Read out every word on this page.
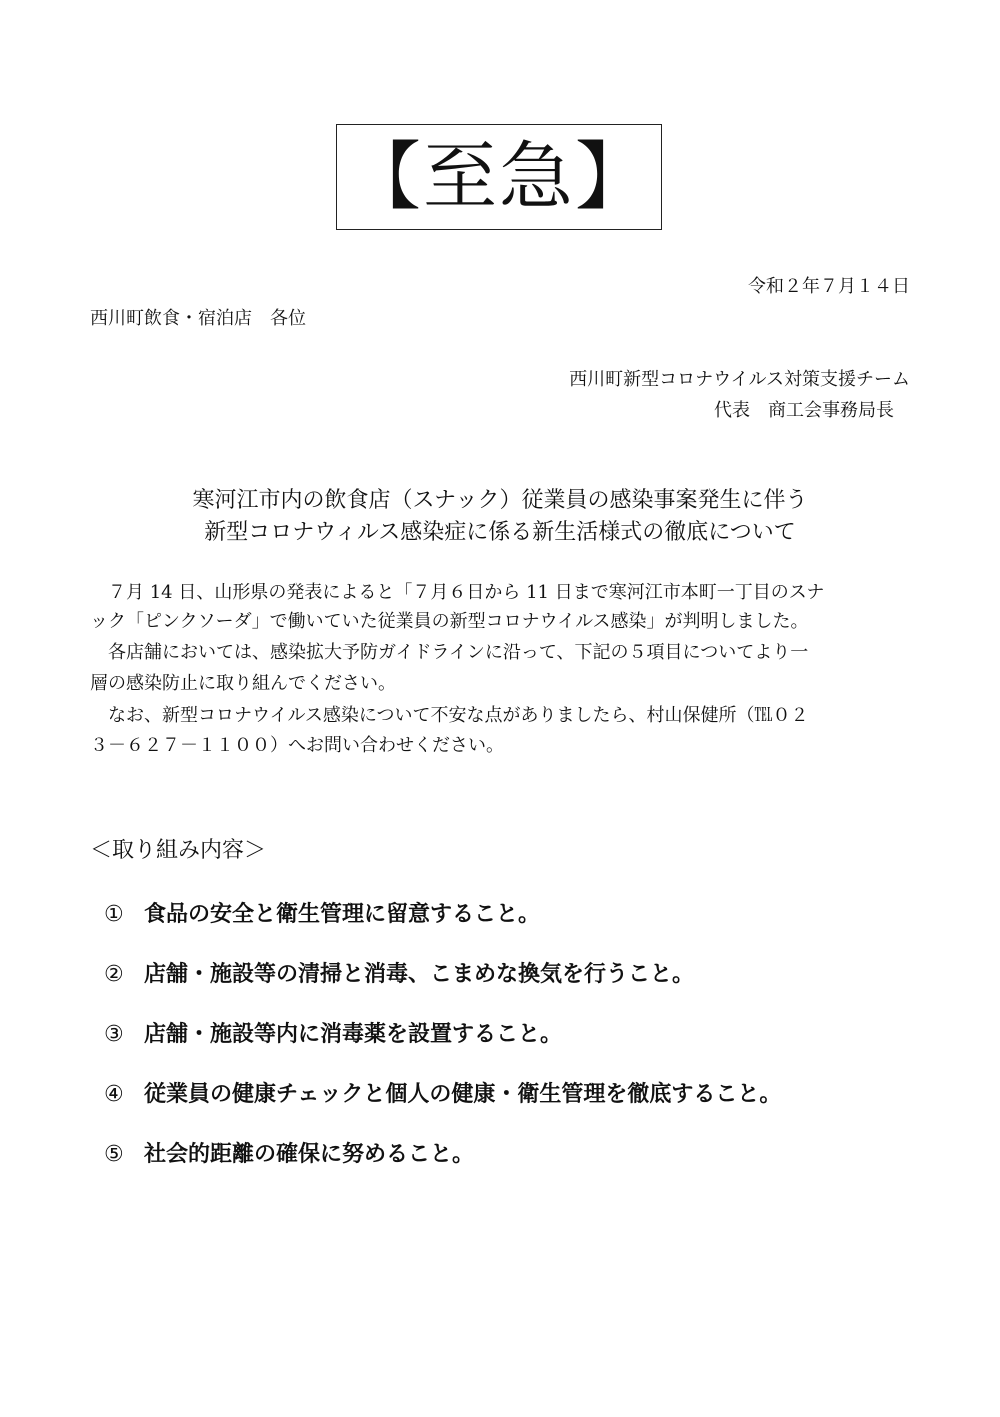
【至急】
令和２年７月１４日
西川町飲食・宿泊店　各位
西川町新型コロナウイルス対策支援チーム
代表　商工会事務局長
寒河江市内の飲食店（スナック）従業員の感染事案発生に伴う
新型コロナウィルス感染症に係る新生活様式の徹底について
　７月 14 日、山形県の発表によると「７月６日から 11 日まで寒河江市本町一丁目のスナ
ック「ピンクソーダ」で働いていた従業員の新型コロナウイルス感染」が判明しました。
　各店舗においては、感染拡大予防ガイドラインに沿って、下記の５項目についてより一
層の感染防止に取り組んでください。
　なお、新型コロナウイルス感染について不安な点がありましたら、村山保健所（℡０２
３－６２７－１１００）へお問い合わせください。
＜取り組み内容＞
① 食品の安全と衛生管理に留意すること。
② 店舗・施設等の清掃と消毒、こまめな換気を行うこと。
③ 店舗・施設等内に消毒薬を設置すること。
④ 従業員の健康チェックと個人の健康・衛生管理を徹底すること。
⑤ 社会的距離の確保に努めること。
